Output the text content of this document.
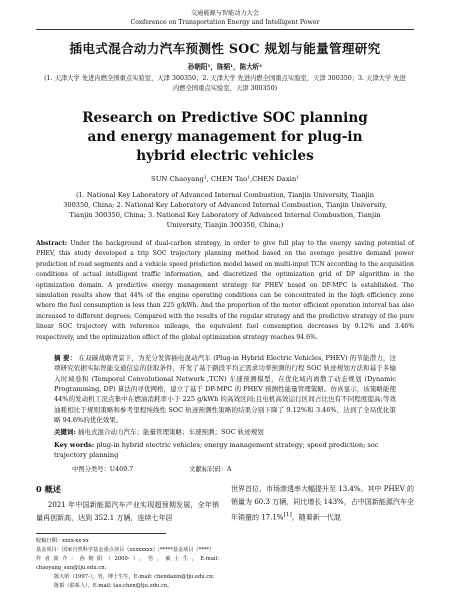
交通能源与智能动力大会
Conference on Transportation Energy and Intelligent Power
插电式混合动力汽车预测性 SOC 规划与能量管理研究
孙朝阳¹，陈韬¹，陈大昕¹
(1. 天津大学 先进内燃全国重点实验室，天津 300350；2. 天津大学 先进内燃全国重点实验室，天津 300350；3. 天津大学 先进内燃全国重点实验室，天津 300350)
Research on Predictive SOC planning and energy management for plug-in hybrid electric vehicles
SUN Chaoyang¹, CHEN Tao¹,CHEN Daxin¹
(1. National Key Laboratory of Advanced Internal Combustion, Tianjin University, Tianjin 300350, China; 2. National Key Laboratory of Advanced Internal Combustion, Tianjin University, Tianjin 300350, China; 3. National Key Laboratory of Advanced Internal Combustion, Tianjin University, Tianjin 300350, China;)
Abstract: Under the background of dual-carbon strategy, in order to give full play to the energy saving potential of PHEV, this study developed a trip SOC trajectory planning method based on the average positive demand power prediction of road segments and a vehicle speed prediction model based on multi-input TCN according to the acquisition conditions of actual intelligent traffic information, and discretized the optimization grid of DP algorithm in the optimization domain. A predictive energy management strategy for PHEV based on DP-MPC is established. The simulation results show that 44% of the engine operating conditions can be concentrated in the high efficiency zone where the fuel consumption is less than 225 g/kWh. And the proportion of the motor efficient operation interval has also increased to different degrees; Compared with the results of the regular strategy and the predictive strategy of the pure linear SOC trajectory with reference mileage, the equivalent fuel consumption decreases by 9.12% and 3.46% respectively, and the optimization effect of the global optimization strategy reaches 94.6%.
摘 要： 在双碳战略背景下，为充分发挥插电混动汽车 (Plug-in Hybrid Electric Vehicles, PHEV) 的节能潜力，这项研究依据实际智能交通信息的获取条件，开发了基于路段平均正需求功率预测的行程 SOC 轨迹规划方法和基于多输入时域卷积 (Temporal Convolutional Network ,TCN) 车速预测模型，在优化域内离散了动态规划 (Dynamic Programming, DP) 算法的寻优网格，建立了基于 DP-MPC 的 PHEV 预测性能量管理策略。仿真显示，该策略能使 44%的发动机工况点集中在燃油消耗率小于 225 g/kWh 的高效区间;且电机高效运行区间占比也有不同程度提高;等效油耗相比于规则策略和参考里程纯线性 SOC 轨迹预测性策略的结果分别下降了 9.12%和 3.46%，达到了全局优化策略 94.6%的优化效果。
关键词: 插电式混合动力汽车；能量管理策略；车速预测；SOC 轨迹规划
Key words: plug-in hybrid electric vehicles; energy management strategy; speed prediction; soc trajectory planning
中图分类号：U469.7	文献标识码：A
0 概述
2021 年中国新能源汽车产业实现超预期发展，全年销量再创新高，达到 352.1 万辆，连续七年居
收稿日期：xxxx-xx-xx
基金项目：国家自然科学基金重点项目（xxxxxxxx）;*****基金项目（****）
作者简介：孙朝阳（2000-），男，硕士生，E-mail: chaoyang_sun@tju.edu.cn;
陈大昕（1997-），男，博士生生，E-mail: chendaxin@tju.edu.cn;
陈韬（联系人），E-mail: tao.chen@tju.edu.cn。
世界首位，市场渗透率大幅提升至 13.4%。其中 PHEV 的销量为 60.3 万辆，同比增长 143%，占中国新能源汽车全年销量的 17.1%[1]。随着新一代混
